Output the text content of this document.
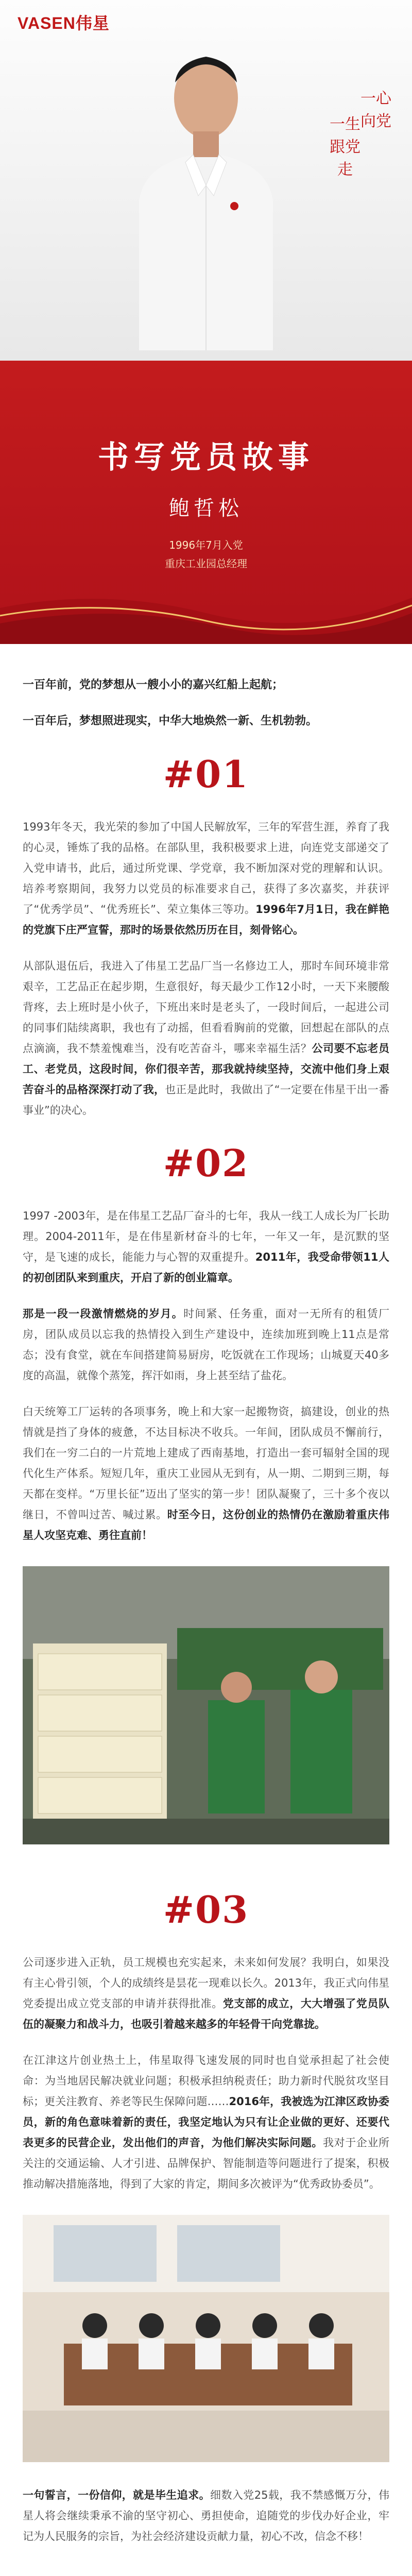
VASEN伟星
一心向党
一生跟党走
书写党员故事
鲍哲松
1996年7月入党
重庆工业园总经理

一百年前，党的梦想从一艘小小的嘉兴红船上起航；

一百年后，梦想照进现实，中华大地焕然一新、生机勃勃。

#01

1993年冬天，我光荣的参加了中国人民解放军，三年的军营生涯，养育了我的心灵，锤炼了我的品格。在部队里，我积极要求上进，向连党支部递交了入党申请书，此后，通过所党课、学党章，我不断加深对党的理解和认识。培养考察期间，我努力以党员的标准要求自己，获得了多次嘉奖，并获评了“优秀学员”、“优秀班长”、荣立集体三等功。1996年7月1日，我在鲜艳的党旗下庄严宣誓，那时的场景依然历历在目，刻骨铭心。

从部队退伍后，我进入了伟星工艺品厂当一名修边工人，那时车间环境非常艰辛，工艺品正在起步期，生意很好，每天最少工作12小时，一天下来腰酸背疼，去上班时是小伙子，下班出来时是老头了，一段时间后，一起进公司的同事们陆续离职，我也有了动摇，但看看胸前的党徽，回想起在部队的点点滴滴，我不禁羞愧难当，没有吃苦奋斗，哪来幸福生活？公司要不忘老员工、老党员，这段时间，你们很辛苦，那我就持续坚持，交流中他们身上艰苦奋斗的品格深深打动了我，也正是此时，我做出了“一定要在伟星干出一番事业”的决心。

#02

1997 -2003年，是在伟星工艺品厂奋斗的七年，我从一线工人成长为厂长助理。2004-2011年，是在伟星新材奋斗的七年，一年又一年，是沉默的坚守，是飞速的成长，能能力与心智的双重提升。2011年，我受命带领11人的初创团队来到重庆，开启了新的创业篇章。

那是一段一段激情燃烧的岁月。时间紧、任务重，面对一无所有的租赁厂房，团队成员以忘我的热情投入到生产建设中，连续加班到晚上11点是常态；没有食堂，就在车间搭建简易厨房，吃饭就在工作现场；山城夏天40多度的高温，就像个蒸笼，挥汗如雨，身上甚至结了盐花。

白天统筹工厂运转的各项事务，晚上和大家一起搬物资，搞建设，创业的热情就是挡了身体的疲惫，不达目标决不收兵。一年间，团队成员不懈前行，我们在一穷二白的一片荒地上建成了西南基地，打造出一套可辐射全国的现代化生产体系。短短几年，重庆工业园从无到有，从一期、二期到三期，每天都在变样。“万里长征”迈出了坚实的第一步！团队凝聚了，三十多个夜以继日，不曾叫过苦、喊过累。时至今日，这份创业的热情仍在激励着重庆伟星人攻坚克难、勇往直前！

#03

公司逐步进入正轨，员工规模也充实起来，未来如何发展？我明白，如果没有主心骨引领，个人的成绩终是昙花一现难以长久。2013年，我正式向伟星党委提出成立党支部的申请并获得批准。党支部的成立，大大增强了党员队伍的凝聚力和战斗力，也吸引着越来越多的年轻骨干向党靠拢。

在江津这片创业热土上，伟星取得飞速发展的同时也自觉承担起了社会使命：为当地居民解决就业问题；积极承担纳税责任；助力新时代脱贫攻坚目标；更关注教育、养老等民生保障问题……2016年，我被选为江津区政协委员，新的角色意味着新的责任，我坚定地认为只有让企业做的更好、还要代表更多的民营企业，发出他们的声音，为他们解决实际问题。我对于企业所关注的交通运输、人才引进、品牌保护、智能制造等问题进行了提案，积极推动解决措施落地，得到了大家的肯定，期间多次被评为“优秀政协委员”。

一句誓言，一份信仰，就是毕生追求。细数入党25载，我不禁感慨万分，伟星人将会继续秉承不渝的坚守初心、勇担使命，追随党的步伐办好企业，牢记为人民服务的宗旨，为社会经济建设贡献力量，初心不改，信念不移！
